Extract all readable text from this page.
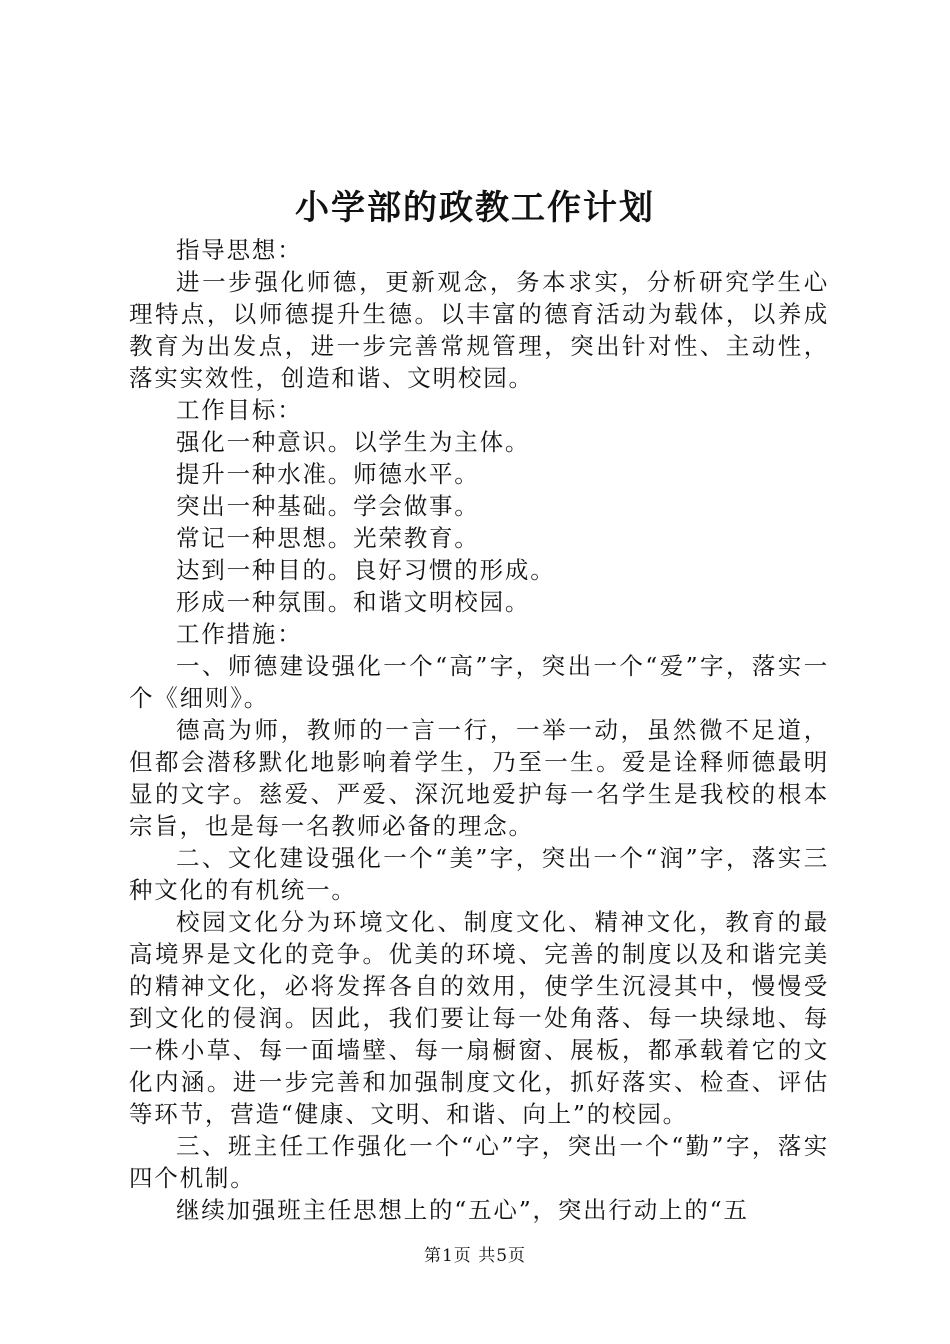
小学部的政教工作计划

指导思想：

进一步强化师德，更新观念，务本求实，分析研究学生心理特点，以师德提升生德。以丰富的德育活动为载体，以养成教育为出发点，进一步完善常规管理，突出针对性、主动性，落实实效性，创造和谐、文明校园。

工作目标：

强化一种意识。以学生为主体。

提升一种水准。师德水平。

突出一种基础。学会做事。

常记一种思想。光荣教育。

达到一种目的。良好习惯的形成。

形成一种氛围。和谐文明校园。

工作措施：

一、师德建设强化一个“高”字，突出一个“爱”字，落实一个《细则》。

德高为师，教师的一言一行，一举一动，虽然微不足道，但都会潜移默化地影响着学生，乃至一生。爱是诠释师德最明显的文字。慈爱、严爱、深沉地爱护每一名学生是我校的根本宗旨，也是每一名教师必备的理念。

二、文化建设强化一个“美”字，突出一个“润”字，落实三种文化的有机统一。

校园文化分为环境文化、制度文化、精神文化，教育的最高境界是文化的竞争。优美的环境、完善的制度以及和谐完美的精神文化，必将发挥各自的效用，使学生沉浸其中，慢慢受到文化的侵润。因此，我们要让每一处角落、每一块绿地、每一株小草、每一面墙壁、每一扇橱窗、展板，都承载着它的文化内涵。进一步完善和加强制度文化，抓好落实、检查、评估等环节，营造“健康、文明、和谐、向上”的校园。

三、班主任工作强化一个“心”字，突出一个“勤”字，落实四个机制。

继续加强班主任思想上的“五心”，突出行动上的“五

第1页 共5页
